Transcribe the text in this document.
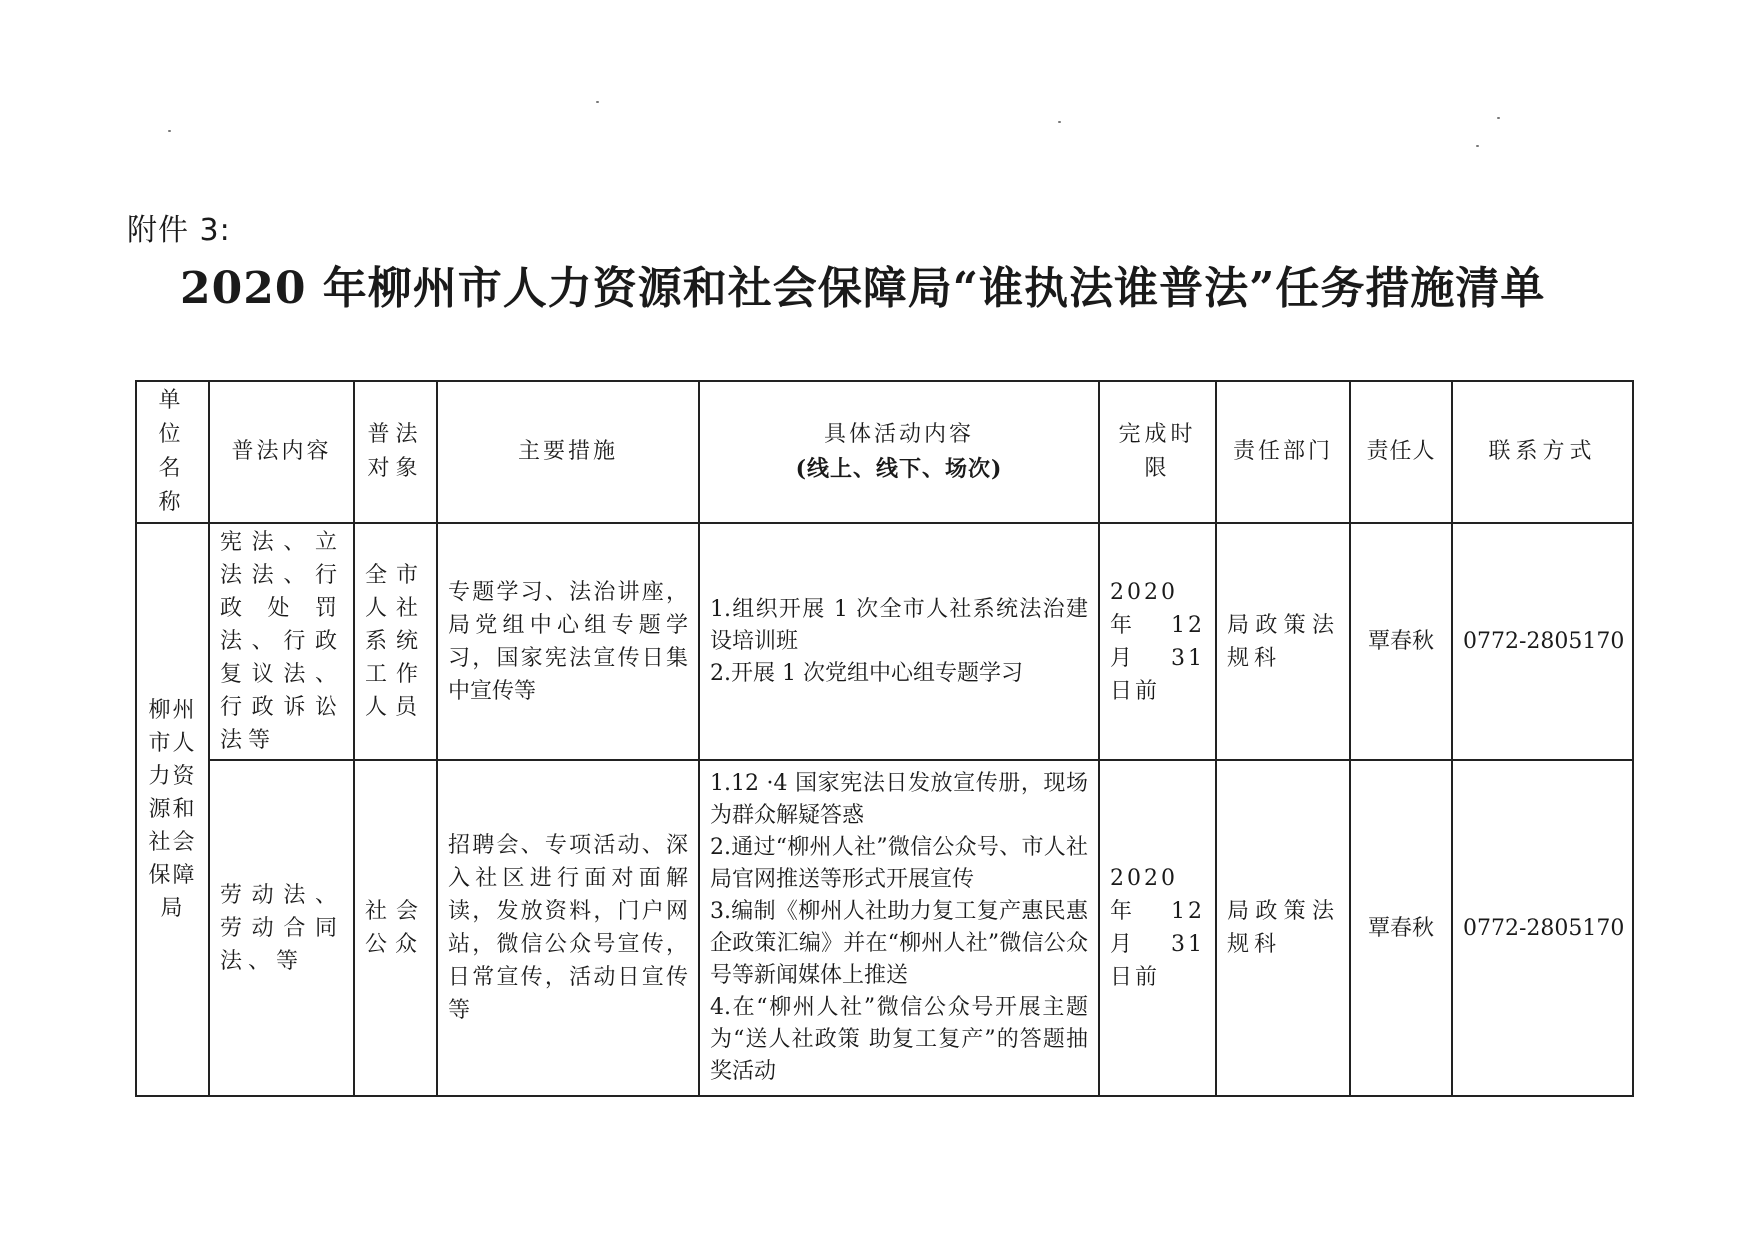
附件 3:
2020 年柳州市人力资源和社会保障局“谁执法谁普法”任务措施清单
单位名称	普法内容	普法对象	主要措施	具体活动内容
(线上、线下、场次)	完成时限	责任部门	责任人	联系方式
柳州市人力资源和社会保障局	宪法、立法法、行政处罚法、行政复议法、行政诉讼法等	全市人社系统工作人员	专题学习、法治讲座，局党组中心组专题学习，国家宪法宣传日集中宣传等	1.组织开展 1 次全市人社系统法治建设培训班
2.开展 1 次党组中心组专题学习	2020 年 12 月 31 日前	局政策法规科	覃春秋	0772-2805170
	劳动法、劳动合同法、等	社会公众	招聘会、专项活动、深入社区进行面对面解读，发放资料，门户网站，微信公众号宣传，日常宣传，活动日宣传等	1.12 ·4 国家宪法日发放宣传册，现场为群众解疑答惑
2.通过“柳州人社”微信公众号、市人社局官网推送等形式开展宣传
3.编制《柳州人社助力复工复产惠民惠企政策汇编》并在“柳州人社”微信公众号等新闻媒体上推送
4.在“柳州人社”微信公众号开展主题为“送人社政策 助复工复产”的答题抽奖活动	2020 年 12 月 31 日前	局政策法规科	覃春秋	0772-2805170
